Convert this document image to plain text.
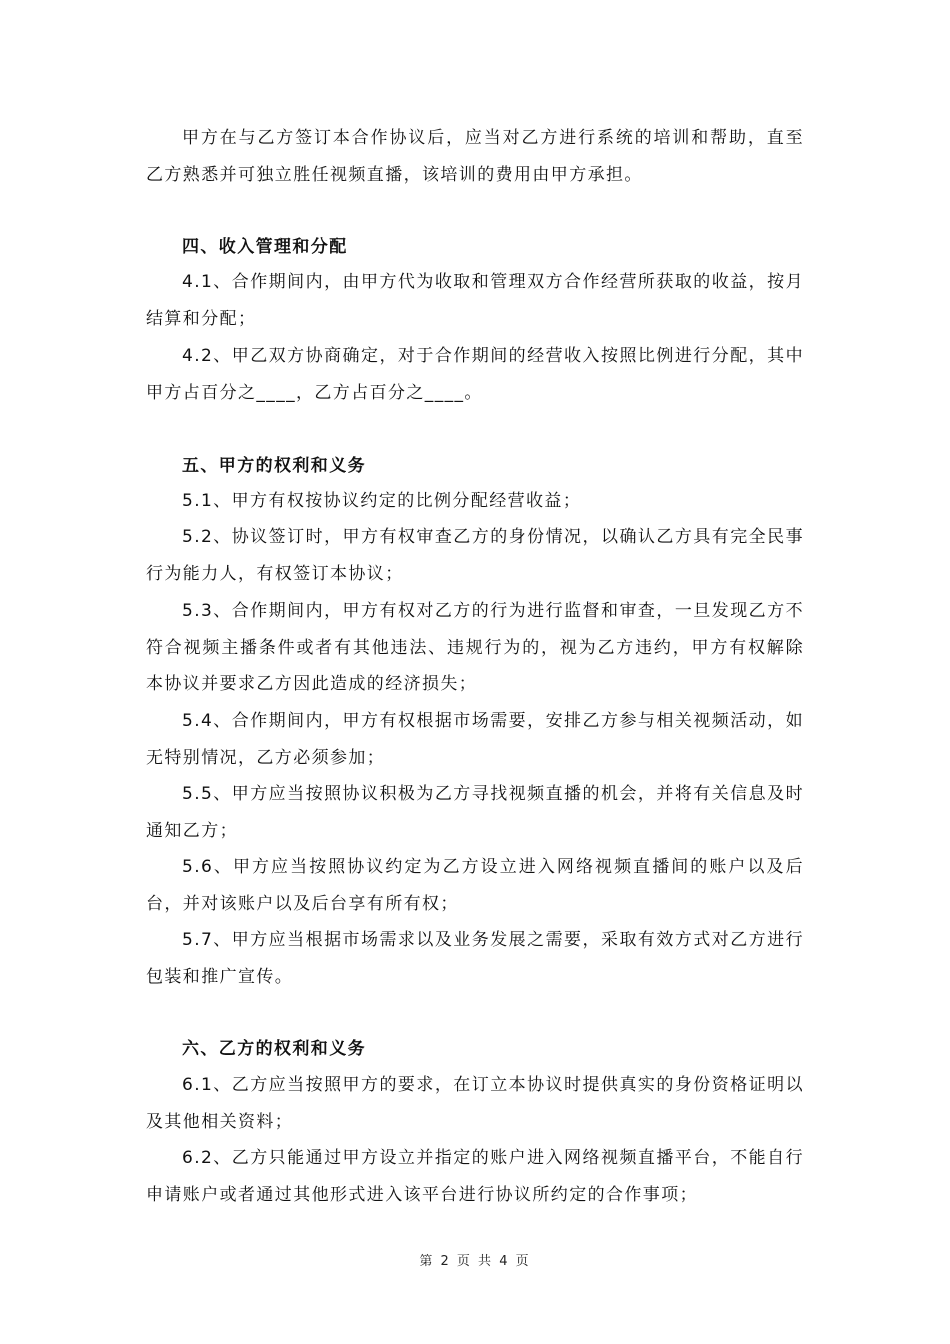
甲方在与乙方签订本合作协议后，应当对乙方进行系统的培训和帮助，直至乙方熟悉并可独立胜任视频直播，该培训的费用由甲方承担。

四、收入管理和分配

4.1、合作期间内，由甲方代为收取和管理双方合作经营所获取的收益，按月结算和分配；

4.2、甲乙双方协商确定，对于合作期间的经营收入按照比例进行分配，其中甲方占百分之____，乙方占百分之____。

五、甲方的权利和义务

5.1、甲方有权按协议约定的比例分配经营收益；

5.2、协议签订时，甲方有权审查乙方的身份情况，以确认乙方具有完全民事行为能力人，有权签订本协议；

5.3、合作期间内，甲方有权对乙方的行为进行监督和审查，一旦发现乙方不符合视频主播条件或者有其他违法、违规行为的，视为乙方违约，甲方有权解除本协议并要求乙方因此造成的经济损失；

5.4、合作期间内，甲方有权根据市场需要，安排乙方参与相关视频活动，如无特别情况，乙方必须参加；

5.5、甲方应当按照协议积极为乙方寻找视频直播的机会，并将有关信息及时通知乙方；

5.6、甲方应当按照协议约定为乙方设立进入网络视频直播间的账户以及后台，并对该账户以及后台享有所有权；

5.7、甲方应当根据市场需求以及业务发展之需要，采取有效方式对乙方进行包装和推广宣传。

六、乙方的权利和义务

6.1、乙方应当按照甲方的要求，在订立本协议时提供真实的身份资格证明以及其他相关资料；

6.2、乙方只能通过甲方设立并指定的账户进入网络视频直播平台，不能自行申请账户或者通过其他形式进入该平台进行协议所约定的合作事项；

第 2 页 共 4 页
